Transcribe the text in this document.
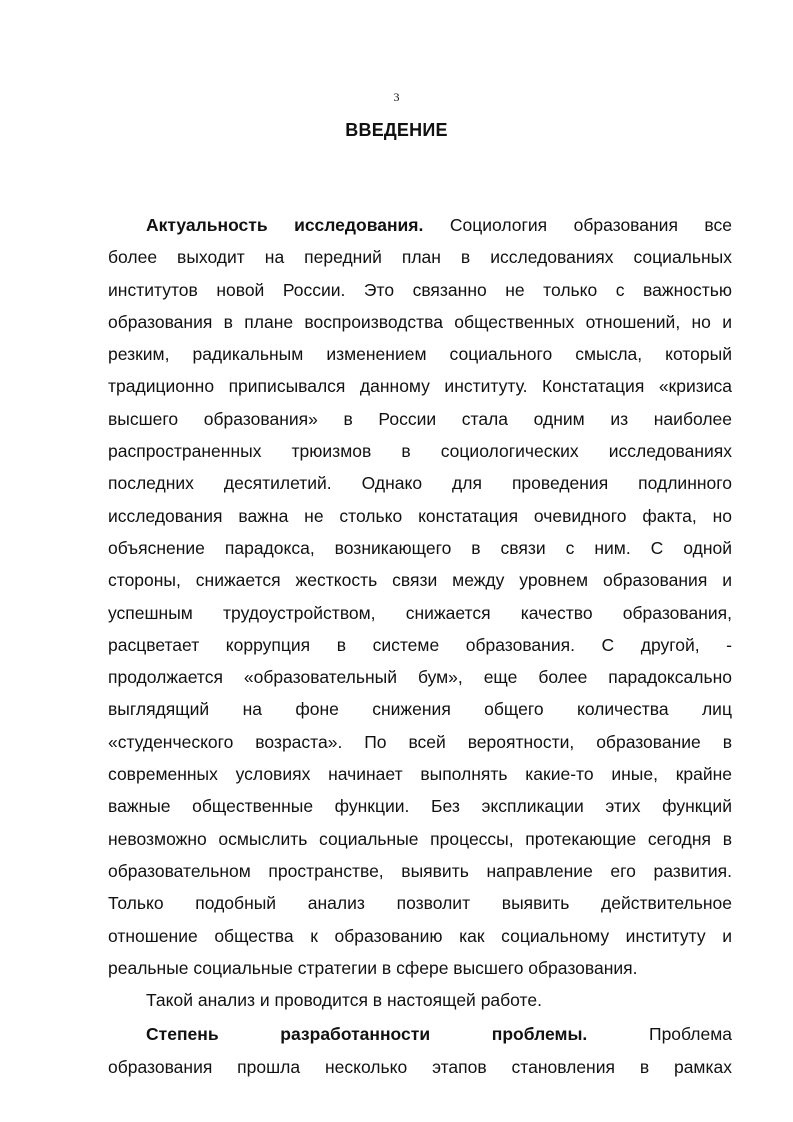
3
ВВЕДЕНИЕ
Актуальность исследования. Социология образования все
более выходит на передний план в исследованиях социальных
институтов новой России. Это связанно не только с важностью
образования в плане воспроизводства общественных отношений, но и
резким, радикальным изменением социального смысла, который
традиционно приписывался данному институту. Констатация «кризиса
высшего образования» в России стала одним из наиболее
распространенных трюизмов в социологических исследованиях
последних десятилетий. Однако для проведения подлинного
исследования важна не столько констатация очевидного факта, но
объяснение парадокса, возникающего в связи с ним. С одной
стороны, снижается жесткость связи между уровнем образования и
успешным трудоустройством, снижается качество образования,
расцветает коррупция в системе образования. С другой, -
продолжается «образовательный бум», еще более парадоксально
выглядящий на фоне снижения общего количества лиц
«студенческого возраста». По всей вероятности, образование в
современных условиях начинает выполнять какие-то иные, крайне
важные общественные функции. Без экспликации этих функций
невозможно осмыслить социальные процессы, протекающие сегодня в
образовательном пространстве, выявить направление его развития.
Только подобный анализ позволит выявить действительное
отношение общества к образованию как социальному институту и
реальные социальные стратегии в сфере высшего образования.
Такой анализ и проводится в настоящей работе.
Степень разработанности проблемы.	Проблема
образования прошла несколько этапов становления в рамках
